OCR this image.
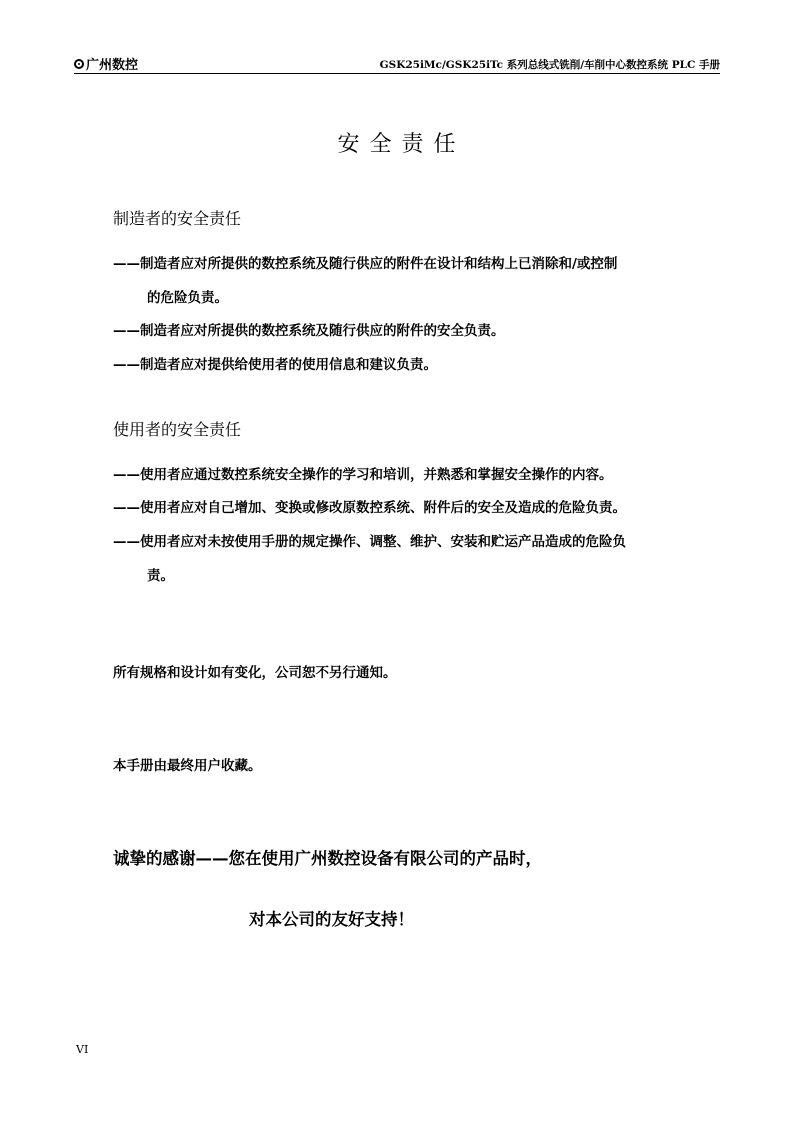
广州数控	GSK25iMc/GSK25iTc 系列总线式铣削/车削中心数控系统 PLC 手册
安全责任
制造者的安全责任
——制造者应对所提供的数控系统及随行供应的附件在设计和结构上已消除和/或控制
的危险负责。
——制造者应对所提供的数控系统及随行供应的附件的安全负责。
——制造者应对提供给使用者的使用信息和建议负责。
使用者的安全责任
——使用者应通过数控系统安全操作的学习和培训，并熟悉和掌握安全操作的内容。
——使用者应对自己增加、变换或修改原数控系统、附件后的安全及造成的危险负责。
——使用者应对未按使用手册的规定操作、调整、维护、安装和贮运产品造成的危险负
责。
所有规格和设计如有变化，公司恕不另行通知。
本手册由最终用户收藏。
诚挚的感谢——您在使用广州数控设备有限公司的产品时，
对本公司的友好支持！
VI
